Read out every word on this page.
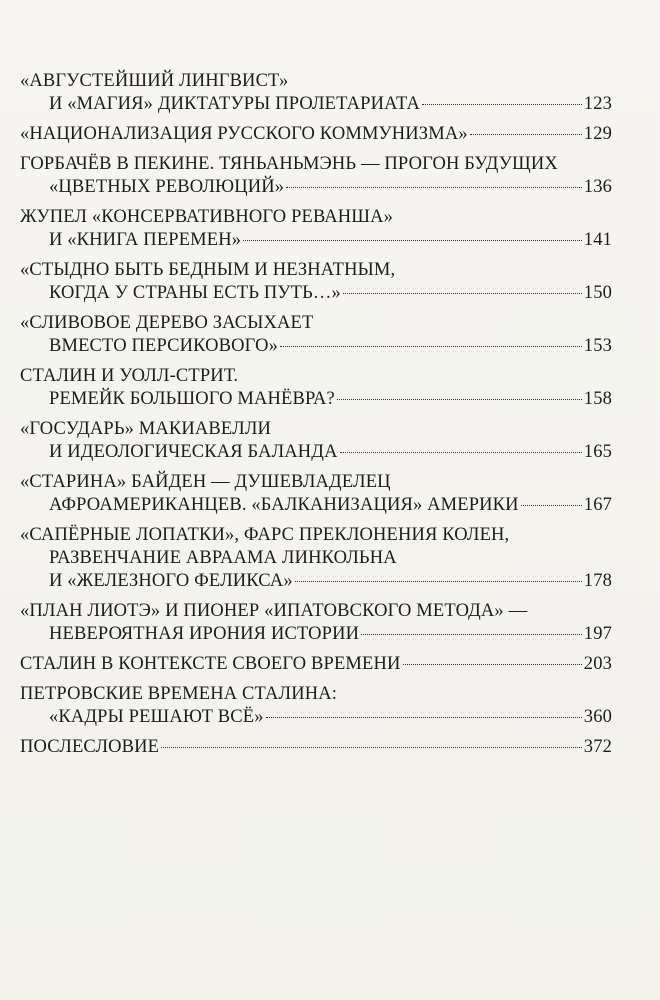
«АВГУСТЕЙШИЙ ЛИНГВИСТ»
И «МАГИЯ» ДИКТАТУРЫ ПРОЛЕТАРИАТА	123
«НАЦИОНАЛИЗАЦИЯ РУССКОГО КОММУНИЗМА»	129
ГОРБАЧЁВ В ПЕКИНЕ. ТЯНЬАНЬМЭНЬ — ПРОГОН БУДУЩИХ
«ЦВЕТНЫХ РЕВОЛЮЦИЙ»	136
ЖУПЕЛ «КОНСЕРВАТИВНОГО РЕВАНША»
И «КНИГА ПЕРЕМЕН»	141
«СТЫДНО БЫТЬ БЕДНЫМ И НЕЗНАТНЫМ,
КОГДА У СТРАНЫ ЕСТЬ ПУТЬ…»	150
«СЛИВОВОЕ ДЕРЕВО ЗАСЫХАЕТ
ВМЕСТО ПЕРСИКОВОГО»	153
СТАЛИН И УОЛЛ-СТРИТ.
РЕМЕЙК БОЛЬШОГО МАНЁВРА?	158
«ГОСУДАРЬ» МАКИАВЕЛЛИ
И ИДЕОЛОГИЧЕСКАЯ БАЛАНДА	165
«СТАРИНА» БАЙДЕН — ДУШЕВЛАДЕЛЕЦ
АФРОАМЕРИКАНЦЕВ. «БАЛКАНИЗАЦИЯ» АМЕРИКИ	167
«САПЁРНЫЕ ЛОПАТКИ», ФАРС ПРЕКЛОНЕНИЯ КОЛЕН,
РАЗВЕНЧАНИЕ АВРААМА ЛИНКОЛЬНА
И «ЖЕЛЕЗНОГО ФЕЛИКСА»	178
«ПЛАН ЛИОТЭ» И ПИОНЕР «ИПАТОВСКОГО МЕТОДА» —
НЕВЕРОЯТНАЯ ИРОНИЯ ИСТОРИИ	197
СТАЛИН В КОНТЕКСТЕ СВОЕГО ВРЕМЕНИ	203
ПЕТРОВСКИЕ ВРЕМЕНА СТАЛИНА:
«КАДРЫ РЕШАЮТ ВСЁ»	360
ПОСЛЕСЛОВИЕ	372
